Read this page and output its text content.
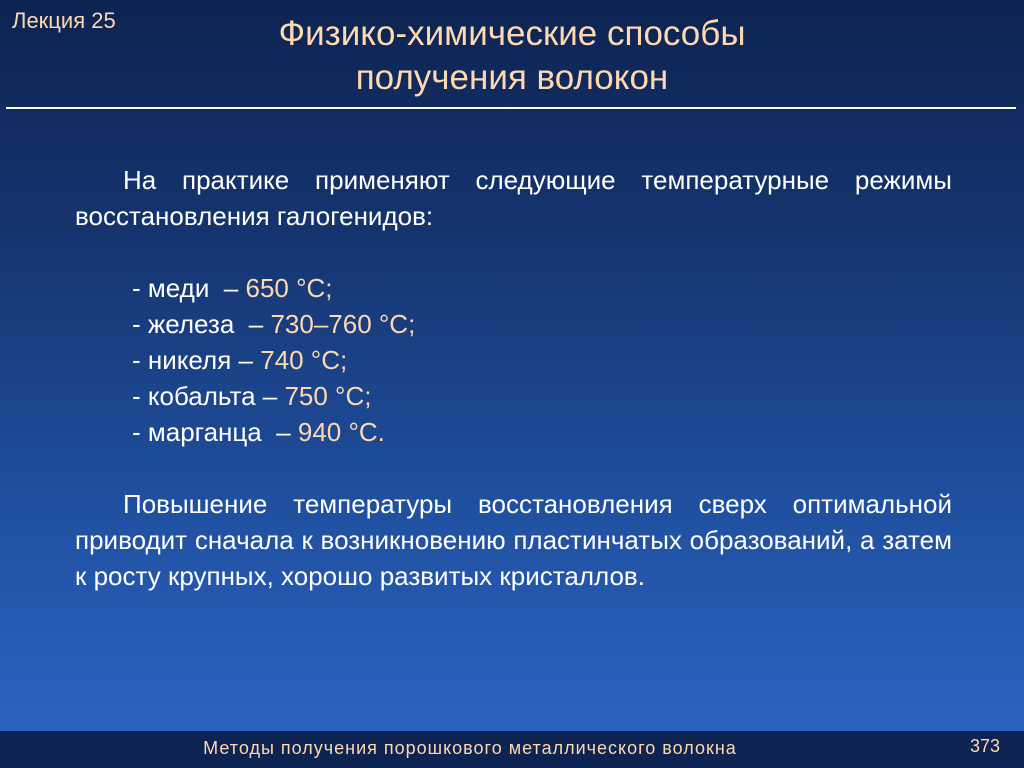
Лекция 25	Физико-химические способы
получения волокон
На практике применяют следующие температурные режимы восстановления галогенидов:
- меди  – 650 °С;
- железа  – 730–760 °С;
- никеля – 740 °С;
- кобальта – 750 °С;
- марганца  – 940 °С.
Повышение температуры восстановления сверх оптимальной приводит сначала к возникновению пластинчатых образований, а затем к росту крупных, хорошо развитых кристаллов.
Методы получения порошкового металлического волокна	373
